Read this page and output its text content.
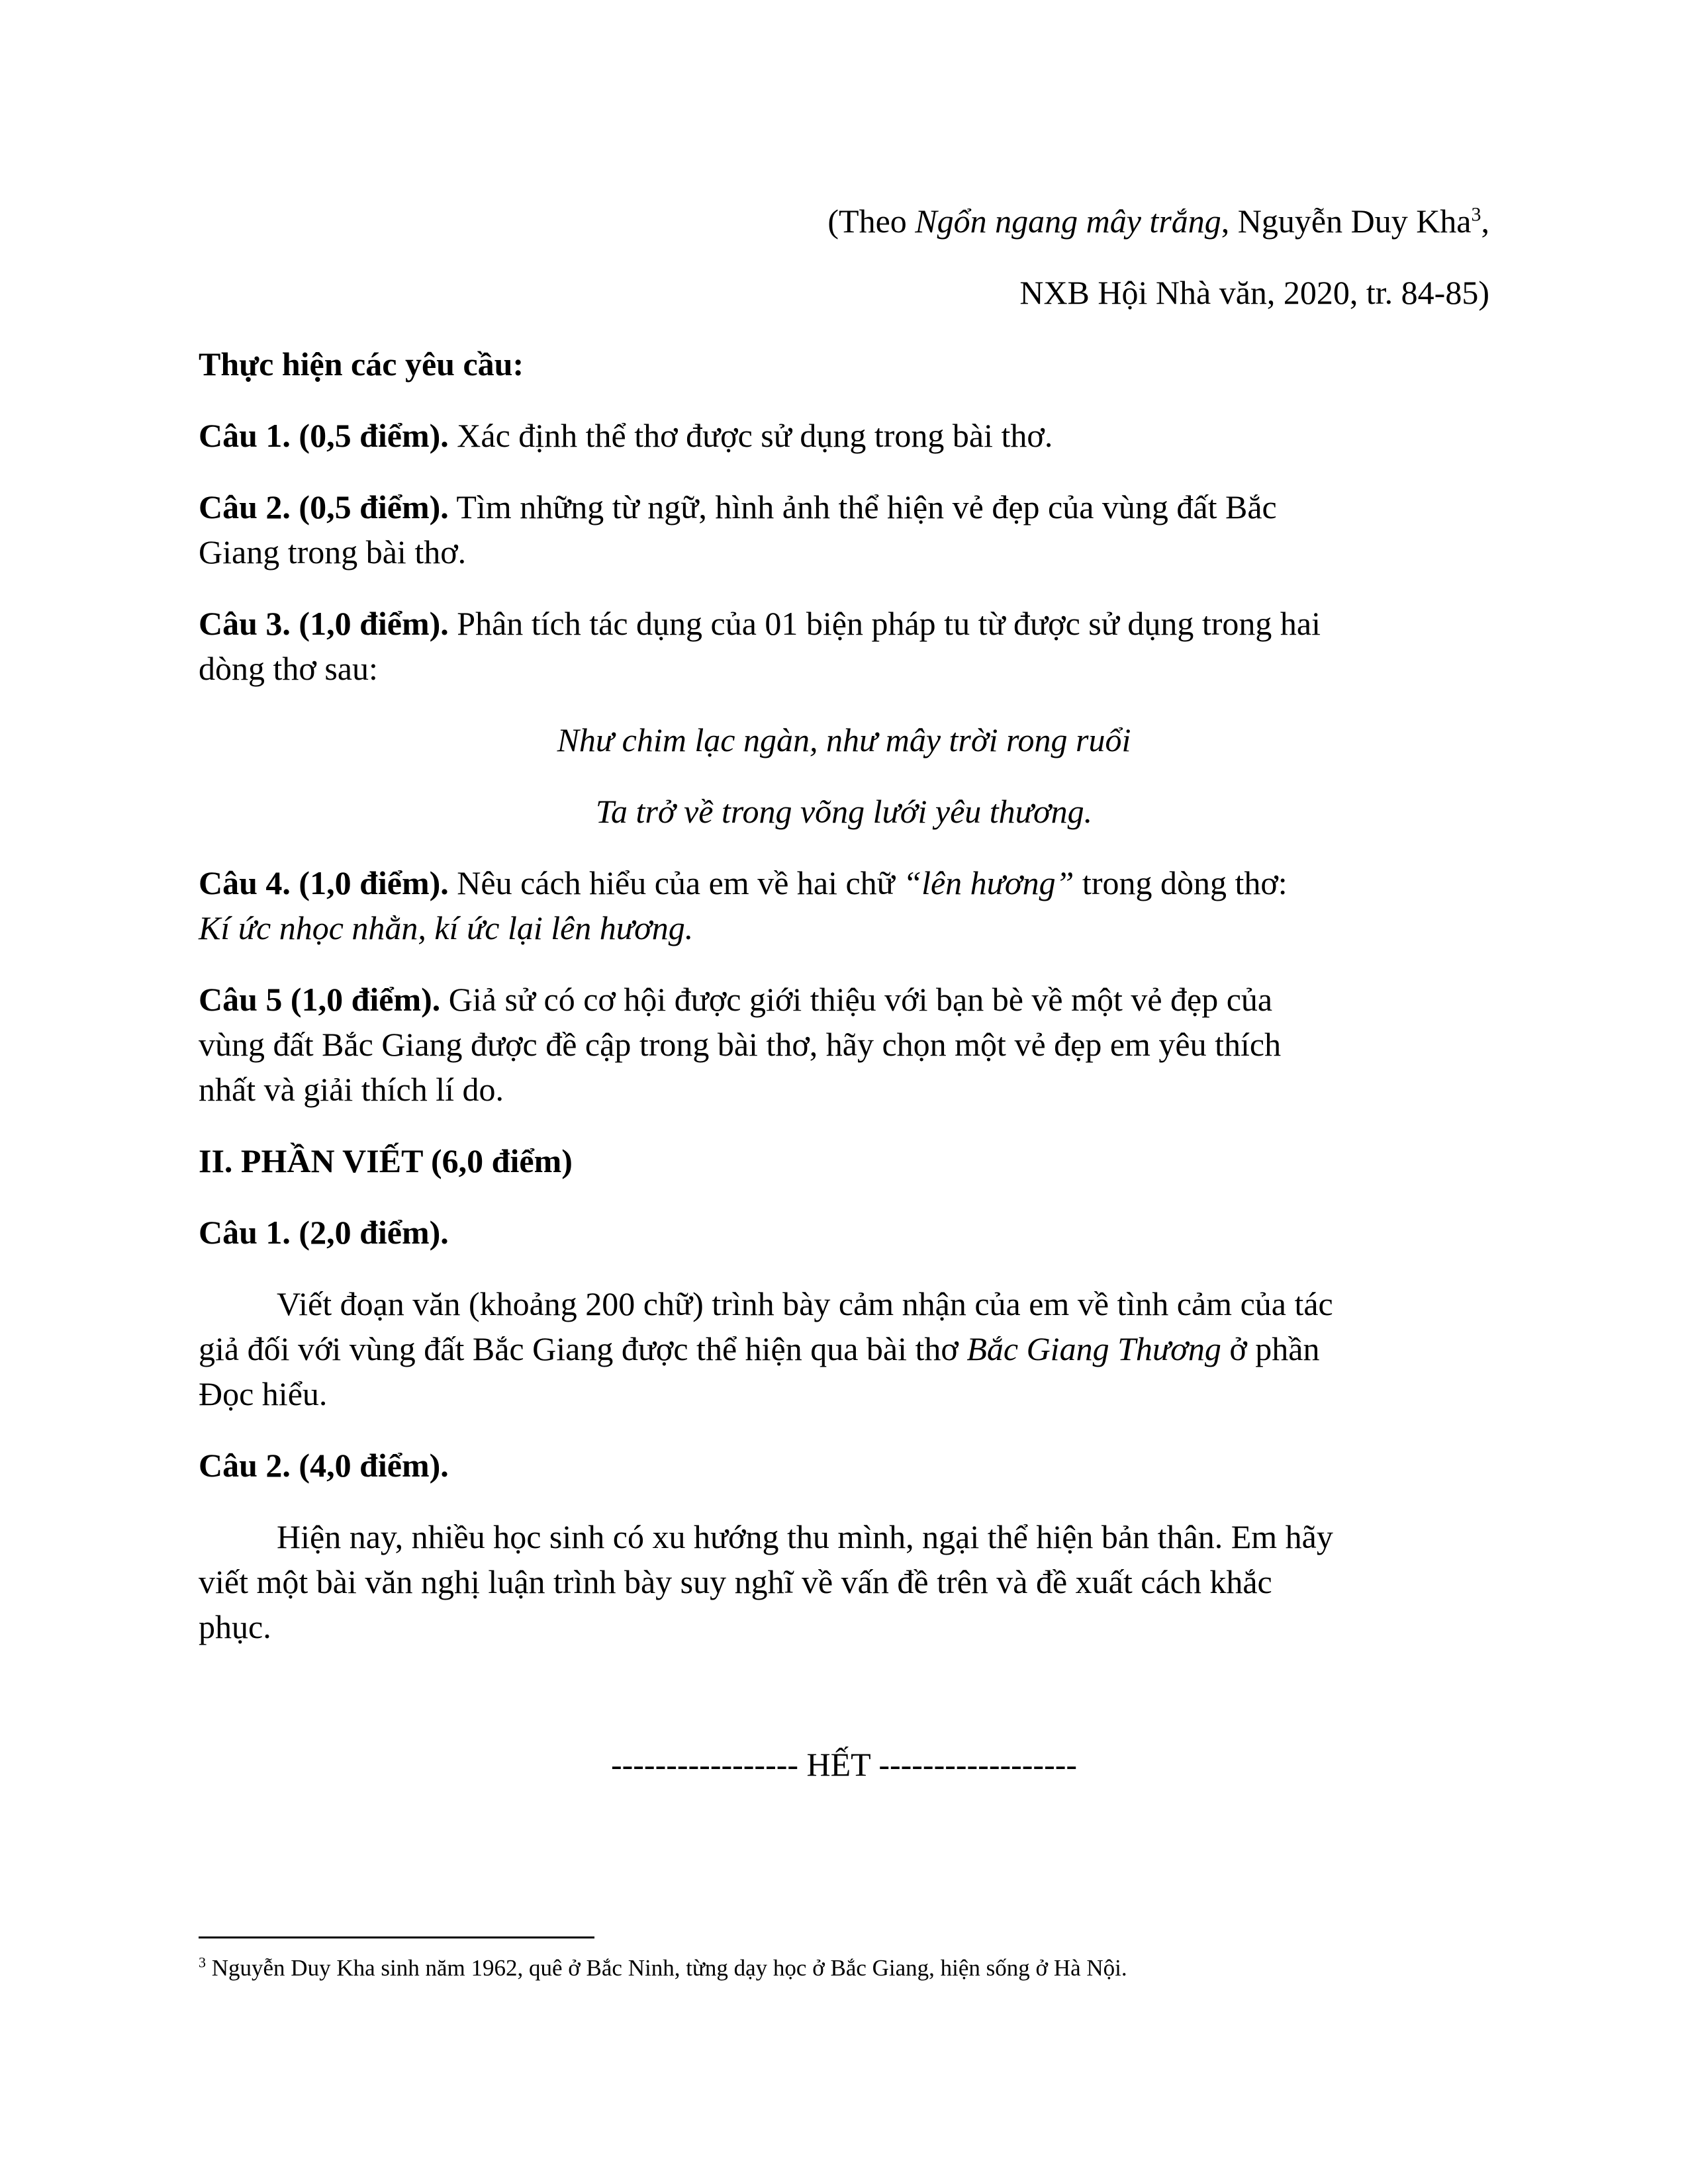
(Theo Ngổn ngang mây trắng, Nguyễn Duy Kha$^3$,
NXB Hội Nhà văn, 2020, tr. 84-85)
Thực hiện các yêu cầu:
Câu 1. (0,5 điểm). Xác định thể thơ được sử dụng trong bài thơ.
Câu 2. (0,5 điểm). Tìm những từ ngữ, hình ảnh thể hiện vẻ đẹp của vùng đất Bắc
Giang trong bài thơ.
Câu 3. (1,0 điểm). Phân tích tác dụng của 01 biện pháp tu từ được sử dụng trong hai
dòng thơ sau:
Như chim lạc ngàn, như mây trời rong ruổi
Ta trở về trong võng lưới yêu thương.
Câu 4. (1,0 điểm). Nêu cách hiểu của em về hai chữ “lên hương” trong dòng thơ:
Kí ức nhọc nhằn, kí ức lại lên hương.
Câu 5 (1,0 điểm). Giả sử có cơ hội được giới thiệu với bạn bè về một vẻ đẹp của
vùng đất Bắc Giang được đề cập trong bài thơ, hãy chọn một vẻ đẹp em yêu thích
nhất và giải thích lí do.
II. PHẦN VIẾT (6,0 điểm)
Câu 1. (2,0 điểm).
Viết đoạn văn (khoảng 200 chữ) trình bày cảm nhận của em về tình cảm của tác
giả đối với vùng đất Bắc Giang được thể hiện qua bài thơ Bắc Giang Thương ở phần
Đọc hiểu.
Câu 2. (4,0 điểm).
Hiện nay, nhiều học sinh có xu hướng thu mình, ngại thể hiện bản thân. Em hãy
viết một bài văn nghị luận trình bày suy nghĩ về vấn đề trên và đề xuất cách khắc
phục.
----------------- HẾT ------------------
$^3$ Nguyễn Duy Kha sinh năm 1962, quê ở Bắc Ninh, từng dạy học ở Bắc Giang, hiện sống ở Hà Nội.
